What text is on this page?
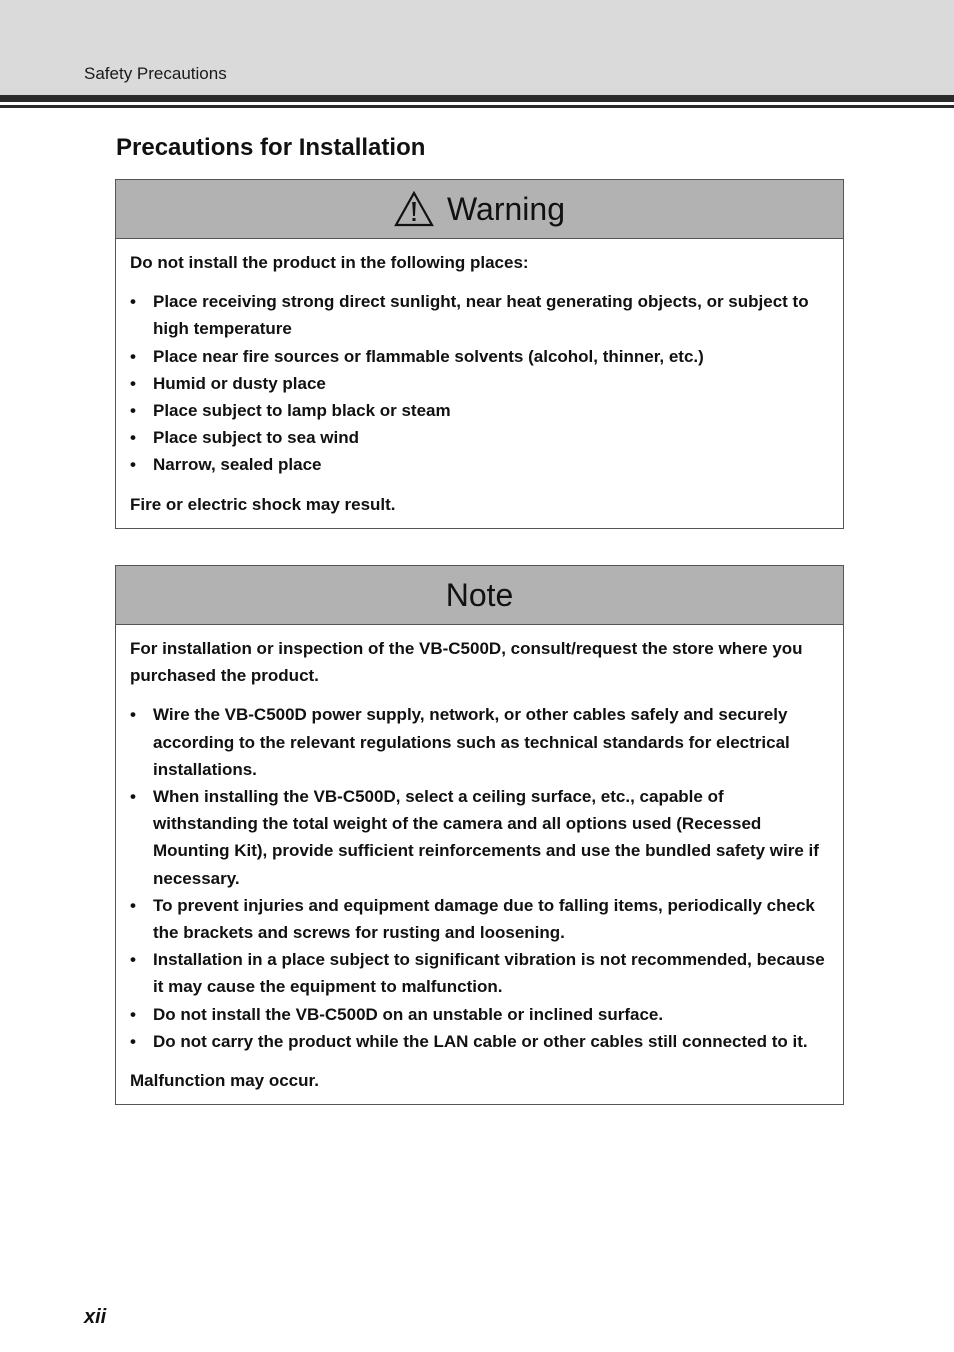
Safety Precautions
Precautions for Installation
Warning

Do not install the product in the following places:

• Place receiving strong direct sunlight, near heat generating objects, or subject to high temperature
• Place near fire sources or flammable solvents (alcohol, thinner, etc.)
• Humid or dusty place
• Place subject to lamp black or steam
• Place subject to sea wind
• Narrow, sealed place

Fire or electric shock may result.

Note

For installation or inspection of the VB-C500D, consult/request the store where you purchased the product.

• Wire the VB-C500D power supply, network, or other cables safely and securely according to the relevant regulations such as technical standards for electrical installations.
• When installing the VB-C500D, select a ceiling surface, etc., capable of withstanding the total weight of the camera and all options used (Recessed Mounting Kit), provide sufficient reinforcements and use the bundled safety wire if necessary.
• To prevent injuries and equipment damage due to falling items, periodically check the brackets and screws for rusting and loosening.
• Installation in a place subject to significant vibration is not recommended, because it may cause the equipment to malfunction.
• Do not install the VB-C500D on an unstable or inclined surface.
• Do not carry the product while the LAN cable or other cables still connected to it.

Malfunction may occur.

xii
